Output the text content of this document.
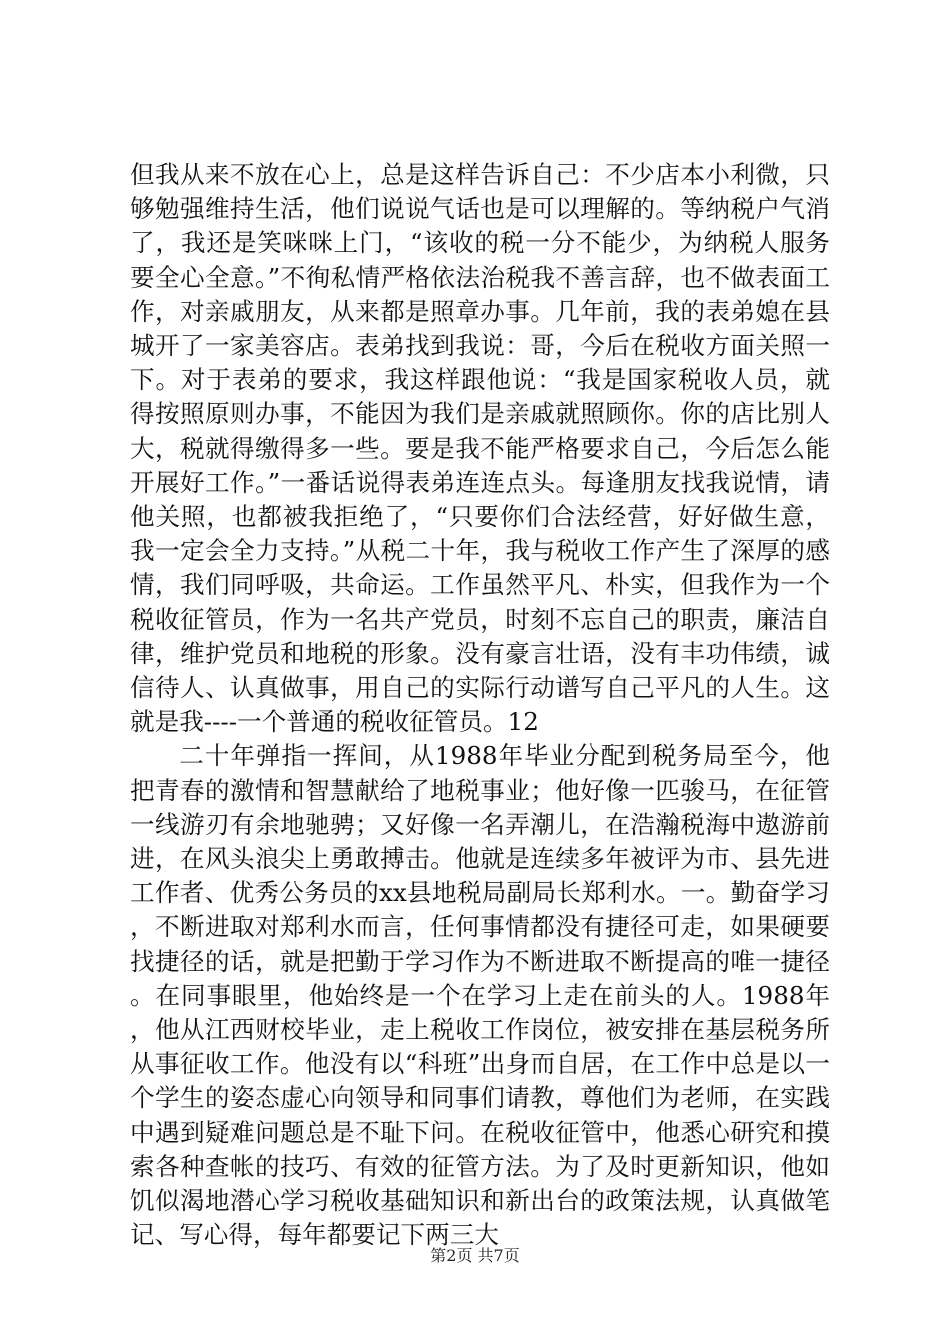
但我从来不放在心上，总是这样告诉自己：不少店本小利微，只够勉强维持生活，他们说说气话也是可以理解的。等纳税户气消了，我还是笑咪咪上门，“该收的税一分不能少，为纳税人服务要全心全意。”不徇私情严格依法治税我不善言辞，也不做表面工作，对亲戚朋友，从来都是照章办事。几年前，我的表弟媳在县城开了一家美容店。表弟找到我说：哥，今后在税收方面关照一下。对于表弟的要求，我这样跟他说：“我是国家税收人员，就得按照原则办事，不能因为我们是亲戚就照顾你。你的店比别人大，税就得缴得多一些。要是我不能严格要求自己，今后怎么能开展好工作。”一番话说得表弟连连点头。每逢朋友找我说情，请他关照，也都被我拒绝了，“只要你们合法经营，好好做生意，我一定会全力支持。”从税二十年，我与税收工作产生了深厚的感情，我们同呼吸，共命运。工作虽然平凡、朴实，但我作为一个税收征管员，作为一名共产党员，时刻不忘自己的职责，廉洁自律，维护党员和地税的形象。没有豪言壮语，没有丰功伟绩，诚信待人、认真做事，用自己的实际行动谱写自己平凡的人生。这就是我----一个普通的税收征管员。12

二十年弹指一挥间，从1988年毕业分配到税务局至今，他把青春的激情和智慧献给了地税事业；他好像一匹骏马，在征管一线游刃有余地驰骋；又好像一名弄潮儿，在浩瀚税海中遨游前进，在风头浪尖上勇敢搏击。他就是连续多年被评为市、县先进工作者、优秀公务员的xx县地税局副局长郑利水。一。勤奋学习，不断进取对郑利水而言，任何事情都没有捷径可走，如果硬要找捷径的话，就是把勤于学习作为不断进取不断提高的唯一捷径。在同事眼里，他始终是一个在学习上走在前头的人。1988年，他从江西财校毕业，走上税收工作岗位，被安排在基层税务所从事征收工作。他没有以“科班”出身而自居，在工作中总是以一个学生的姿态虚心向领导和同事们请教，尊他们为老师，在实践中遇到疑难问题总是不耻下问。在税收征管中，他悉心研究和摸索各种查帐的技巧、有效的征管方法。为了及时更新知识，他如饥似渴地潜心学习税收基础知识和新出台的政策法规，认真做笔记、写心得，每年都要记下两三大

第2页 共7页
